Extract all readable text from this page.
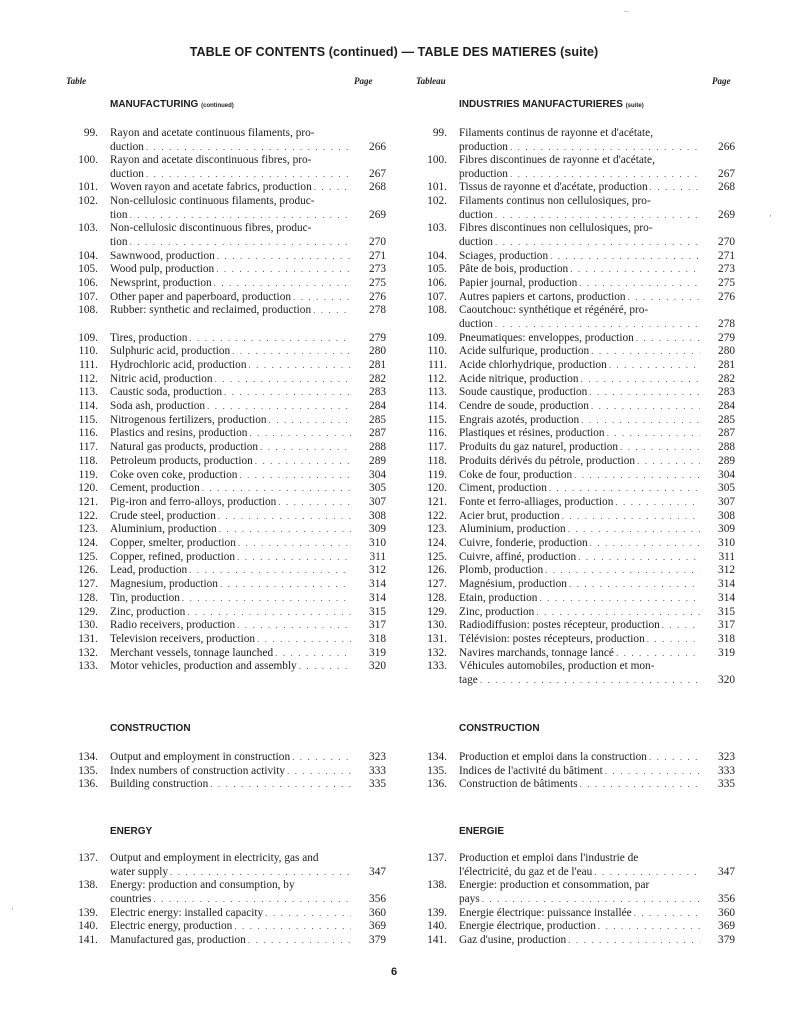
TABLE OF CONTENTS (continued) — TABLE DES MATIERES (suite)
Table	Page	Tableau	Page
MANUFACTURING (continued)
CONSTRUCTION
ENERGY
99. Rayon and acetate continuous filaments, pro-
duction . . .	266
100. Rayon and acetate discontinuous fibres, pro-
duction . . .	267
101. Woven rayon and acetate fabrics, production . . .	268
102. Non-cellulosic continuous filaments, produc-
tion . . .	269
103. Non-cellulosic discontinuous fibres, produc-
tion . . .	270
104. Sawnwood, production . . .	271
105. Wood pulp, production . . .	273
106. Newsprint, production . . .	275
107. Other paper and paperboard, production . . .	276
108. Rubber: synthetic and reclaimed, production . . .	278
109. Tires, production . . .	279
110. Sulphuric acid, production . . .	280
111. Hydrochloric acid, production . . .	281
112. Nitric acid, production . . .	282
113. Caustic soda, production . . .	283
114. Soda ash, production . . .	284
115. Nitrogenous fertilizers, production . . .	285
116. Plastics and resins, production . . .	287
117. Natural gas products, production . . .	288
118. Petroleum products, production . . .	289
119. Coke oven coke, production . . .	304
120. Cement, production . . .	305
121. Pig-iron and ferro-alloys, production . . .	307
122. Crude steel, production . . .	308
123. Aluminium, production . . .	309
124. Copper, smelter, production . . .	310
125. Copper, refined, production . . .	311
126. Lead, production . . .	312
127. Magnesium, production . . .	314
128. Tin, production . . .	314
129. Zinc, production . . .	315
130. Radio receivers, production . . .	317
131. Television receivers, production . . .	318
132. Merchant vessels, tonnage launched . . .	319
133. Motor vehicles, production and assembly . . .	320
134. Output and employment in construction . . .	323
135. Index numbers of construction activity . . .	333
136. Building construction . . .	335
137. Output and employment in electricity, gas and
water supply . . .	347
138. Energy: production and consumption, by
countries . . .	356
139. Electric energy: installed capacity . . .	360
140. Electric energy, production . . .	369
141. Manufactured gas, production . . .	379
INDUSTRIES MANUFACTURIERES (suite)
CONSTRUCTION
ENERGIE
99. Filaments continus de rayonne et d'acétate,
production . . .	266
100. Fibres discontinues de rayonne et d'acétate,
production . . .	267
101. Tissus de rayonne et d'acétate, production . . .	268
102. Filaments continus non cellulosiques, pro-
duction . . .	269
103. Fibres discontinues non cellulosiques, pro-
duction . . .	270
104. Sciages, production . . .	271
105. Pâte de bois, production . . .	273
106. Papier journal, production . . .	275
107. Autres papiers et cartons, production . . .	276
108. Caoutchouc: synthétique et régénéré, pro-
duction . . .	278
109. Pneumatiques: enveloppes, production . . .	279
110. Acide sulfurique, production . . .	280
111. Acide chlorhydrique, production . . .	281
112. Acide nitrique, production . . .	282
113. Soude caustique, production . . .	283
114. Cendre de soude, production . . .	284
115. Engrais azotés, production . . .	285
116. Plastiques et résines, production . . .	287
117. Produits du gaz naturel, production . . .	288
118. Produits dérivés du pétrole, production . . .	289
119. Coke de four, production . . .	304
120. Ciment, production . . .	305
121. Fonte et ferro-alliages, production . . .	307
122. Acier brut, production . . .	308
123. Aluminium, production . . .	309
124. Cuivre, fonderie, production . . .	310
125. Cuivre, affiné, production . . .	311
126. Plomb, production . . .	312
127. Magnésium, production . . .	314
128. Etain, production . . .	314
129. Zinc, production . . .	315
130. Radiodiffusion: postes récepteur, production . . .	317
131. Télévision: postes récepteurs, production . . .	318
132. Navires marchands, tonnage lancé . . .	319
133. Véhicules automobiles, production et mon-
tage . . .	320
134. Production et emploi dans la construction . . .	323
135. Indices de l'activité du bâtiment . . .	333
136. Construction de bâtiments . . .	335
137. Production et emploi dans l'industrie de
l'électricité, du gaz et de l'eau . . .	347
138. Energie: production et consommation, par
pays . . .	356
139. Energie électrique: puissance installée . . .	360
140. Energie électrique, production . . .	369
141. Gaz d'usine, production . . .	379
6
‾
·
·
